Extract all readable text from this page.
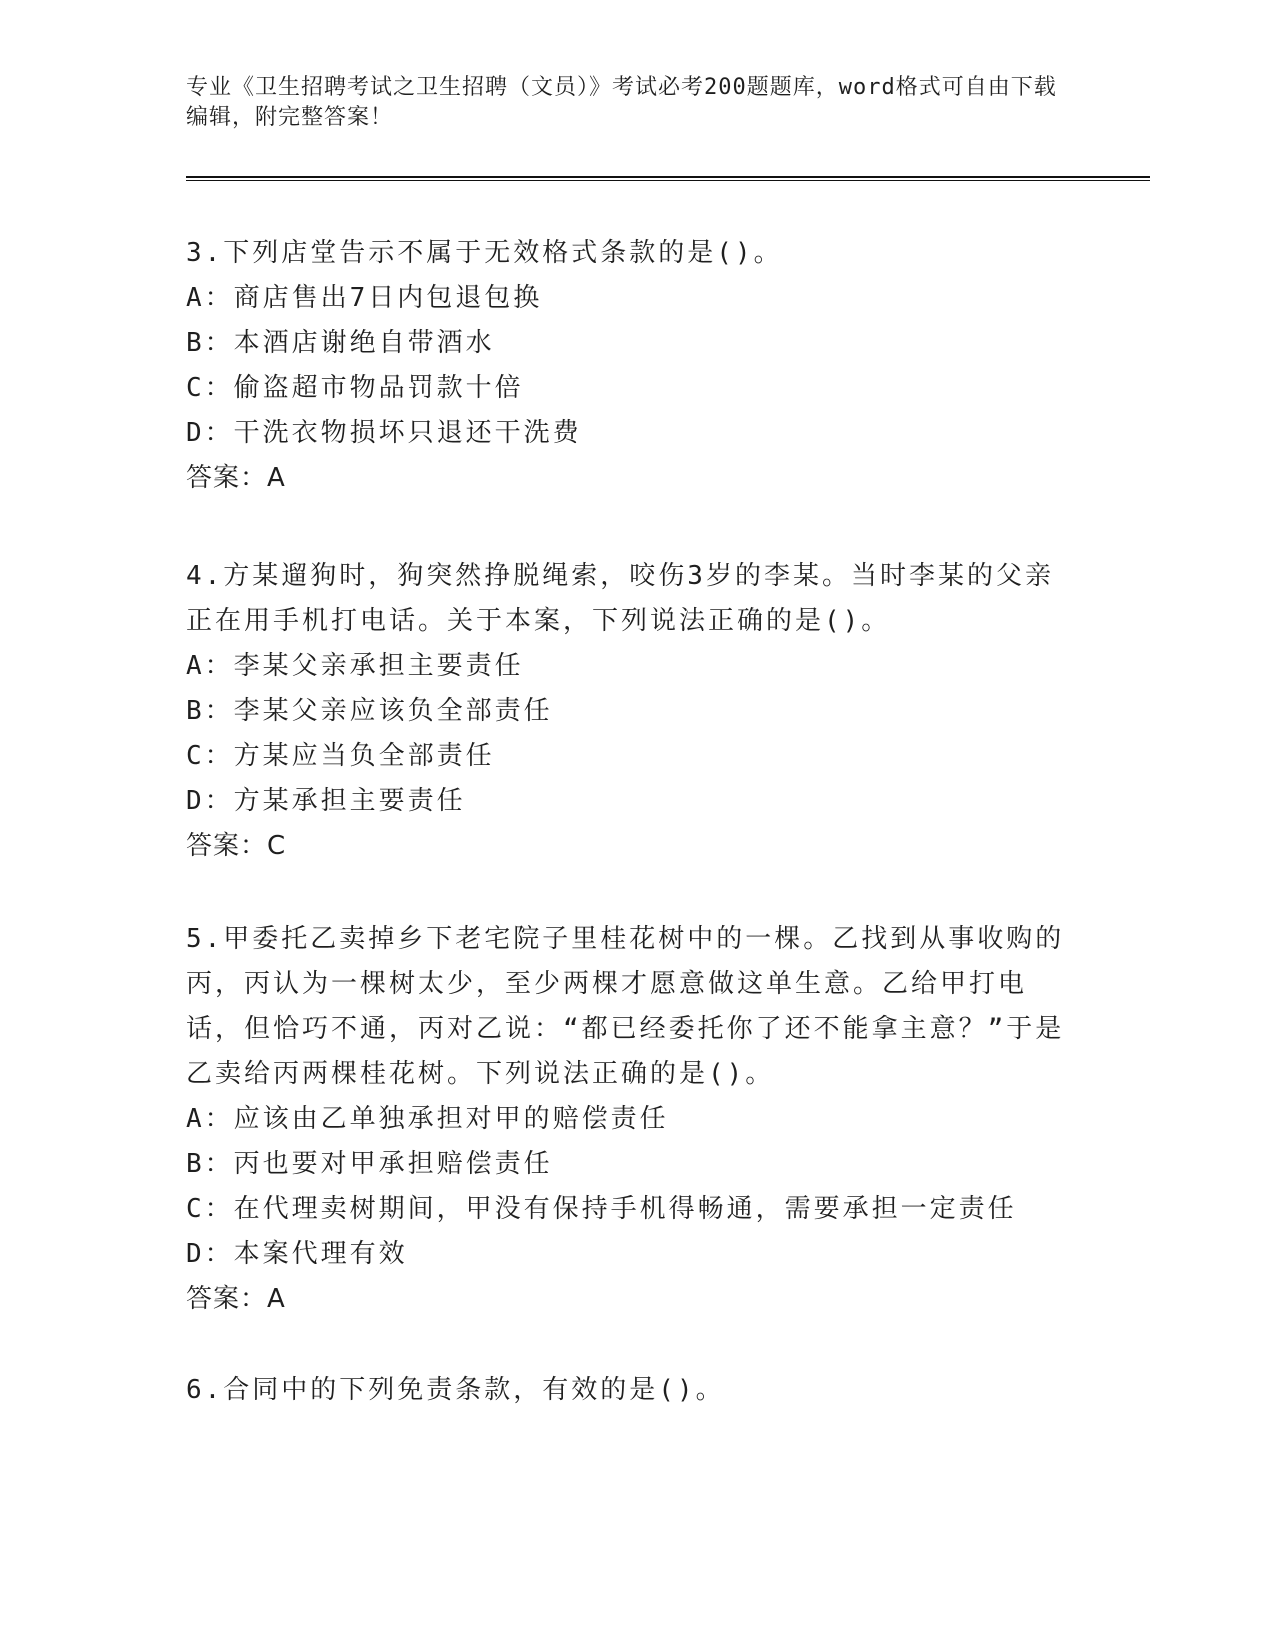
专业《卫生招聘考试之卫生招聘（文员）》考试必考200题题库，word格式可自由下载编辑，附完整答案！

3.下列店堂告示不属于无效格式条款的是()。

A：商店售出7日内包退包换

B：本酒店谢绝自带酒水

C：偷盗超市物品罚款十倍

D：干洗衣物损坏只退还干洗费

答案：A

4.方某遛狗时，狗突然挣脱绳索，咬伤3岁的李某。当时李某的父亲正在用手机打电话。关于本案，下列说法正确的是()。

A：李某父亲承担主要责任

B：李某父亲应该负全部责任

C：方某应当负全部责任

D：方某承担主要责任

答案：C

5.甲委托乙卖掉乡下老宅院子里桂花树中的一棵。乙找到从事收购的丙，丙认为一棵树太少，至少两棵才愿意做这单生意。乙给甲打电话，但恰巧不通，丙对乙说：“都已经委托你了还不能拿主意？”于是乙卖给丙两棵桂花树。下列说法正确的是()。

A：应该由乙单独承担对甲的赔偿责任

B：丙也要对甲承担赔偿责任

C：在代理卖树期间，甲没有保持手机得畅通，需要承担一定责任

D：本案代理有效

答案：A

6.合同中的下列免责条款，有效的是()。
